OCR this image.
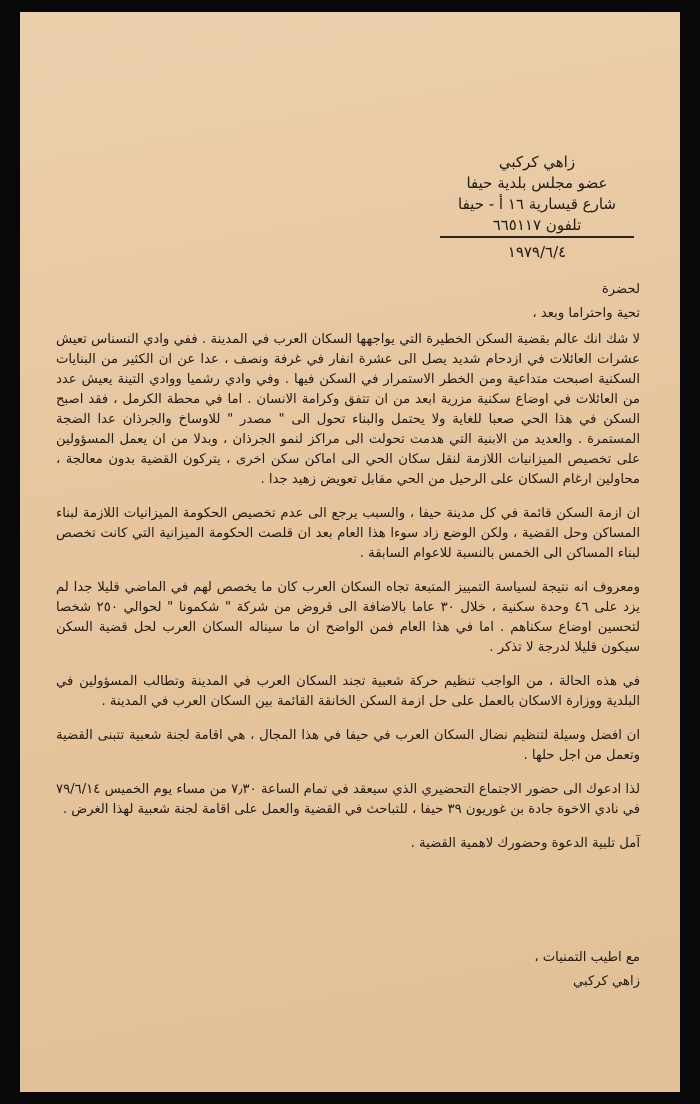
زاهي كركبي
عضو مجلس بلدية حيفا
شارع قيسارية ١٦ أ - حيفا
تلفون ٦٦٥١١٧
١٩٧٩/٦/٤
لحضرة
تحية واحتراما وبعد ،

لا شك انك عالم بقضية السكن الخطيرة التي يواجهها السكان العرب في المدينة . ففي وادي النسناس تعيش عشرات العائلات في ازدحام شديد يصل الى عشرة انفار في غرفة ونصف ، عدا عن ان الكثير من البنايات السكنية اصبحت متداعية ومن الخطر الاستمرار في السكن فيها . وفي وادي رشميا ووادي التينة يعيش عدد من العائلات في اوضاع سكنية مزرية ابعد من ان تتفق وكرامة الانسان . اما في محطة الكرمل ، فقد اصبح السكن في هذا الحي صعبا للغاية ولا يحتمل والبناء تحول الى " مصدر " للاوساخ والجرذان عدا الضجة المستمرة . والعديد من الابنية التي هدمت تحولت الى مراكز لنمو الجرذان ، وبدلا من ان يعمل المسؤولين على تخصيص الميزانيات اللازمة لنقل سكان الحي الى اماكن سكن اخرى ، يتركون القضية بدون معالجة ، محاولين ارغام السكان على الرحيل من الحي مقابل تعويض زهيد جدا .

ان ازمة السكن قائمة في كل مدينة حيفا ، والسبب يرجع الى عدم تخصيص الحكومة الميزانيات اللازمة لبناء المساكن وحل القضية ، ولكن الوضع زاد سوءا هذا العام بعد ان قلصت الحكومة الميزانية التي كانت تخصص لبناء المساكن الى الخمس بالنسبة للاعوام السابقة .

ومعروف انه نتيجة لسياسة التمييز المتبعة تجاه السكان العرب كان ما يخصص لهم في الماضي قليلا جدا لم يزد على ٤٦ وحدة سكنية ، خلال ٣٠ عاما بالاضافة الى قروض من شركة " شكمونا " لحوالي ٢٥٠ شخصا لتحسين اوضاع سكناهم . اما في هذا العام فمن الواضح ان ما سيناله السكان العرب لحل قضية السكن سيكون قليلا لدرجة لا تذكر .

في هذه الحالة ، من الواجب تنظيم حركة شعبية تجند السكان العرب في المدينة وتطالب المسؤولين في البلدية ووزارة الاسكان بالعمل على حل ازمة السكن الخانقة القائمة بين السكان العرب في المدينة .

ان افضل وسيلة لتنظيم نضال السكان العرب في حيفا في هذا المجال ، هي اقامة لجنة شعبية تتبنى القضية وتعمل من اجل حلها .

لذا ادعوك الى حضور الاجتماع التحضيري الذي سيعقد في تمام الساعة ٧٫٣٠ من مساء يوم الخميس ٧٩/٦/١٤ في نادي الاخوة جادة بن غوريون ٣٩ حيفا ، للتباحث في القضية والعمل على اقامة لجنة شعبية لهذا الغرض .

آمل تلبية الدعوة وحضورك لاهمية القضية .

مع اطيب التمنيات ،
زاهي كركبي
